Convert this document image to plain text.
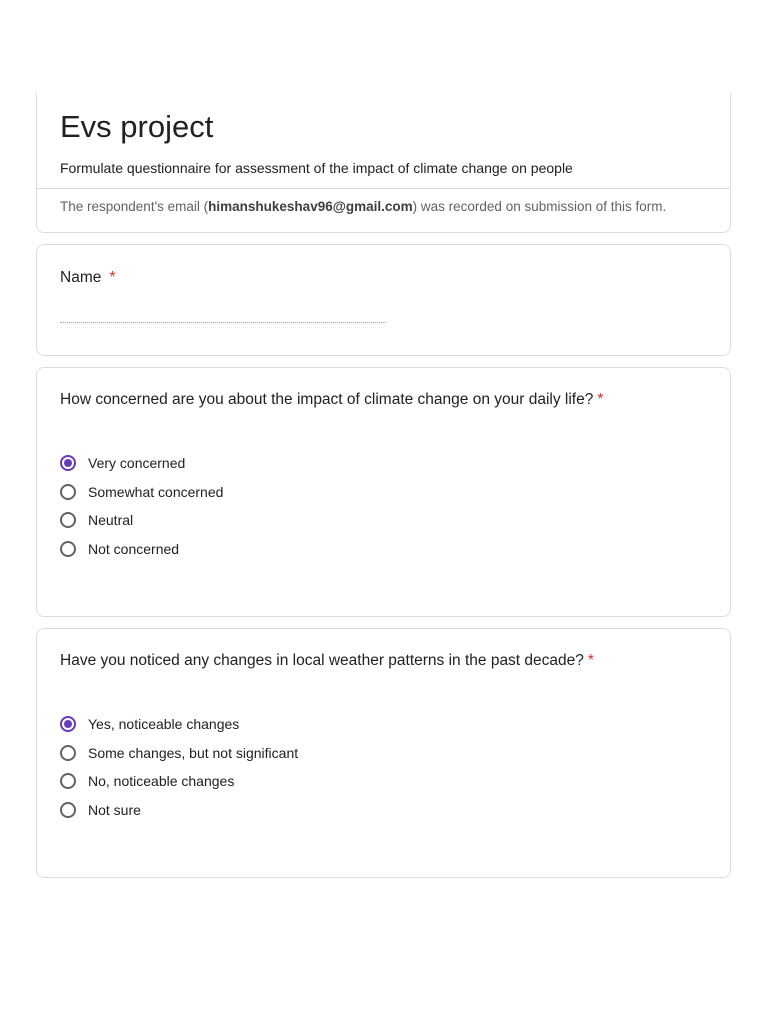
Evs project
Formulate questionnaire for assessment of the impact of climate change on people
The respondent's email (himanshukeshav96@gmail.com) was recorded on submission of this form.
Name *
How concerned are you about the impact of climate change on your daily life? *
Very concerned
Somewhat concerned
Neutral
Not concerned
Have you noticed any changes in local weather patterns in the past decade? *
Yes, noticeable changes
Some changes, but not significant
No, noticeable changes
Not sure
